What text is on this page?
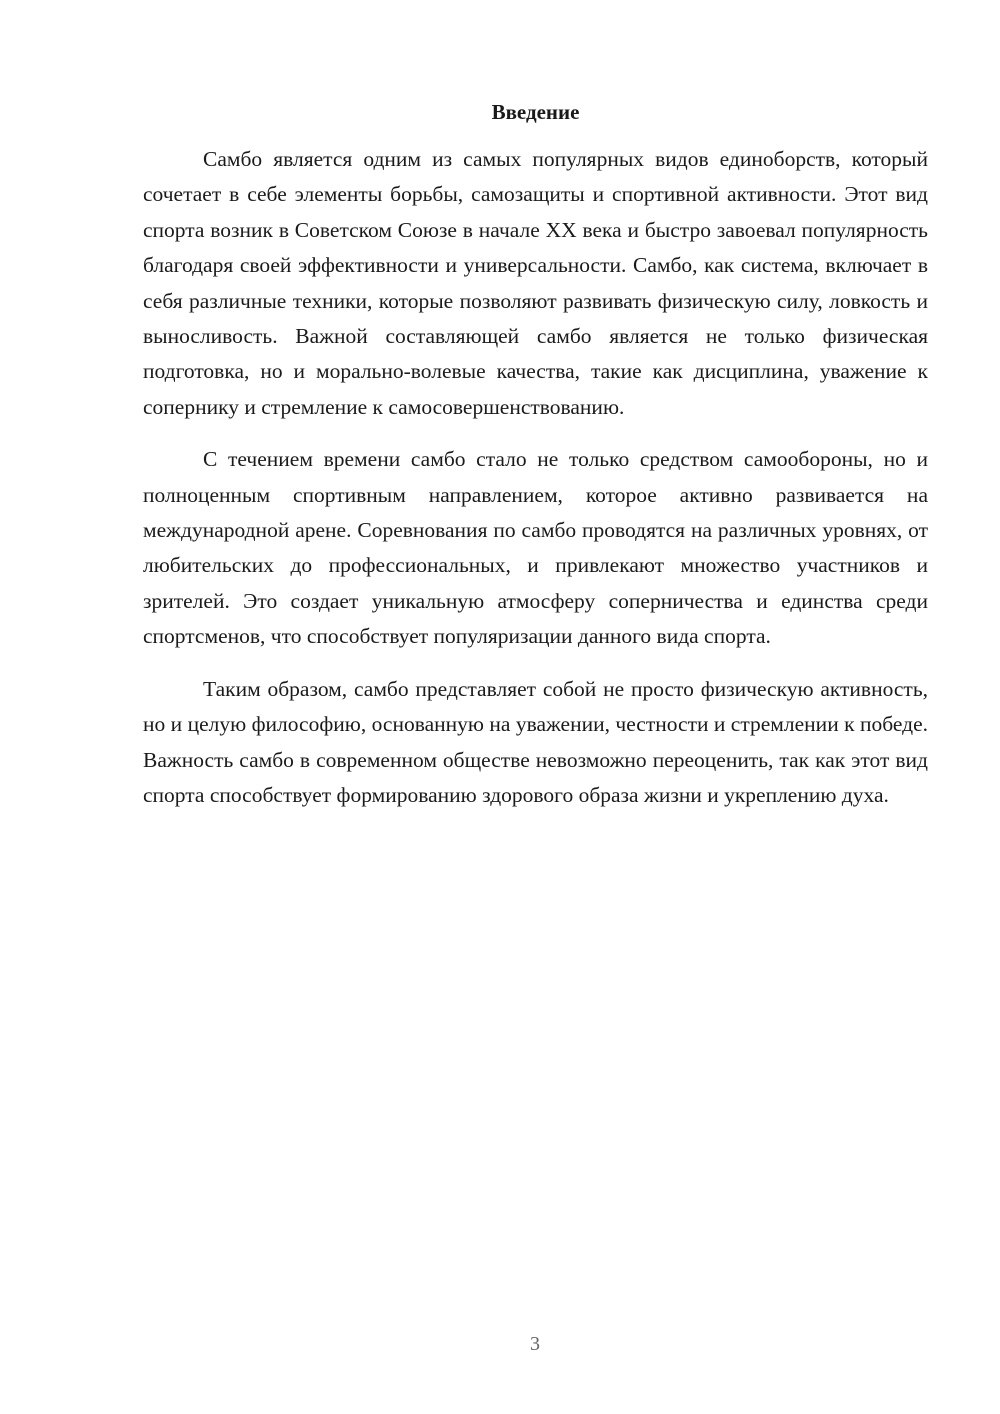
Введение

Самбо является одним из самых популярных видов единоборств, который сочетает в себе элементы борьбы, самозащиты и спортивной активности. Этот вид спорта возник в Советском Союзе в начале XX века и быстро завоевал популярность благодаря своей эффективности и универсальности. Самбо, как система, включает в себя различные техники, которые позволяют развивать физическую силу, ловкость и выносливость. Важной составляющей самбо является не только физическая подготовка, но и морально-волевые качества, такие как дисциплина, уважение к сопернику и стремление к самосовершенствованию.

С течением времени самбо стало не только средством самообороны, но и полноценным спортивным направлением, которое активно развивается на международной арене. Соревнования по самбо проводятся на различных уровнях, от любительских до профессиональных, и привлекают множество участников и зрителей. Это создает уникальную атмосферу соперничества и единства среди спортсменов, что способствует популяризации данного вида спорта.

Таким образом, самбо представляет собой не просто физическую активность, но и целую философию, основанную на уважении, честности и стремлении к победе. Важность самбо в современном обществе невозможно переоценить, так как этот вид спорта способствует формированию здорового образа жизни и укреплению духа.

3
